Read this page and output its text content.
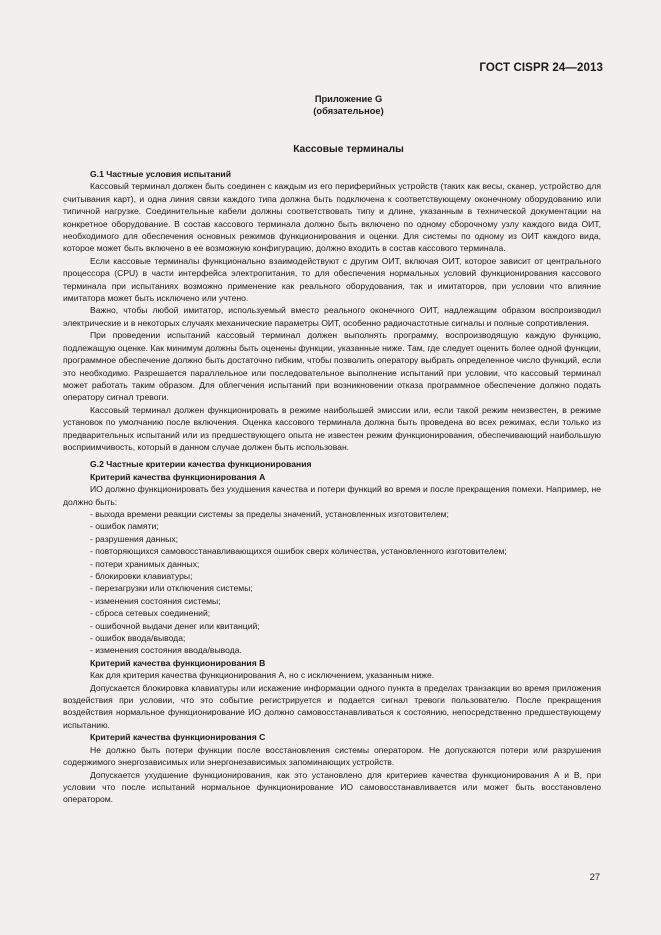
ГОСТ CISPR 24—2013
Приложение G
(обязательное)
Кассовые терминалы

G.1 Частные условия испытаний

Кассовый терминал должен быть соединен с каждым из его периферийных устройств (таких как весы, сканер, устройство для считывания карт), и одна линия связи каждого типа должна быть подключена к соответствующему оконечному оборудованию или типичной нагрузке. Соединительные кабели должны соответствовать типу и длине, указанным в технической документации на конкретное оборудование. В состав кассового терминала должно быть включено по одному сборочному узлу каждого вида ОИТ, необходимого для обеспечения основных режимов функционирования и оценки. Для системы по одному из ОИТ каждого вида, которое может быть включено в ее возможную конфигурацию, должно входить в состав кассового терминала.

Если кассовые терминалы функционально взаимодействуют с другим ОИТ, включая ОИТ, которое зависит от центрального процессора (CPU) в части интерфейса электропитания, то для обеспечения нормальных условий функционирования кассового терминала при испытаниях возможно применение как реального оборудования, так и имитаторов, при условии что влияние имитатора может быть исключено или учтено.

Важно, чтобы любой имитатор, используемый вместо реального оконечного ОИТ, надлежащим образом воспроизводил электрические и в некоторых случаях механические параметры ОИТ, особенно радиочастотные сигналы и полные сопротивления.

При проведении испытаний кассовый терминал должен выполнять программу, воспроизводящую каждую функцию, подлежащую оценке. Как минимум должны быть оценены функции, указанные ниже. Там, где следует оценить более одной функции, программное обеспечение должно быть достаточно гибким, чтобы позволить оператору выбрать определенное число функций, если это необходимо. Разрешается параллельное или последовательное выполнение испытаний при условии, что кассовый терминал может работать таким образом. Для облегчения испытаний при возникновении отказа программное обеспечение должно подать оператору сигнал тревоги.

Кассовый терминал должен функционировать в режиме наибольшей эмиссии или, если такой режим неизвестен, в режиме установок по умолчанию после включения. Оценка кассового терминала должна быть проведена во всех режимах, если только из предварительных испытаний или из предшествующего опыта не известен режим функционирования, обеспечивающий наибольшую восприимчивость, который в данном случае должен быть использован.

G.2 Частные критерии качества функционирования

Критерий качества функционирования А

ИО должно функционировать без ухудшения качества и потери функций во время и после прекращения помехи. Например, не должно быть:

- выхода времени реакции системы за пределы значений, установленных изготовителем;

- ошибок памяти;

- разрушения данных;

- повторяющихся самовосстанавливающихся ошибок сверх количества, установленного изготовителем;

- потери хранимых данных;

- блокировки клавиатуры;

- перезагрузки или отключения системы;

- изменения состояния системы;

- сброса сетевых соединений;

- ошибочной выдачи денег или квитанций;

- ошибок ввода/вывода;

- изменения состояния ввода/вывода.

Критерий качества функционирования В

Как для критерия качества функционирования А, но с исключением, указанным ниже.

Допускается блокировка клавиатуры или искажение информации одного пункта в пределах транзакции во время приложения воздействия при условии, что это событие регистрируется и подается сигнал тревоги пользователю. После прекращения воздействия нормальное функционирование ИО должно самовосстанавливаться к состоянию, непосредственно предшествующему испытанию.

Критерий качества функционирования С

Не должно быть потери функции после восстановления системы оператором. Не допускаются потери или разрушения содержимого энергозависимых или энергонезависимых запоминающих устройств.

Допускается ухудшение функционирования, как это установлено для критериев качества функционирования А и В, при условии что после испытаний нормальное функционирование ИО самовосстанавливается или может быть восстановлено оператором.

27
